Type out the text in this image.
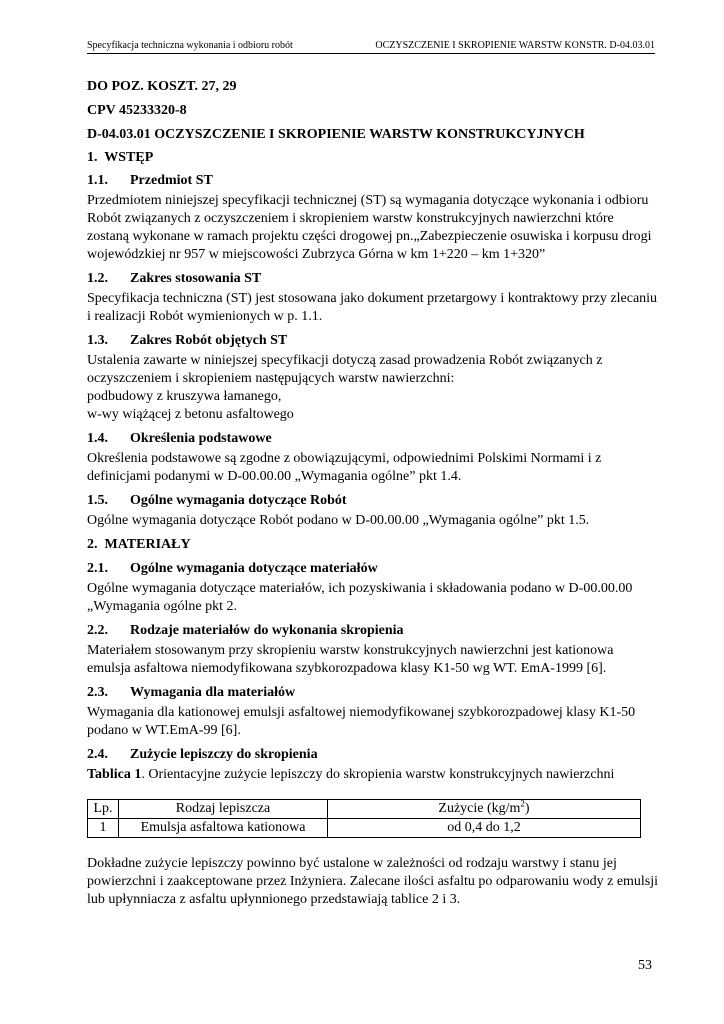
Specyfikacja techniczna wykonania i odbioru robót	OCZYSZCZENIE I SKROPIENIE WARSTW KONSTR. D-04.03.01
DO POZ. KOSZT. 27, 29
CPV 45233320-8
D-04.03.01 OCZYSZCZENIE I SKROPIENIE WARSTW KONSTRUKCYJNYCH
1. WSTĘP
1.1. Przedmiot ST

Przedmiotem niniejszej specyfikacji technicznej (ST) są wymagania dotyczące wykonania i odbioru Robót związanych z oczyszczeniem i skropieniem warstw konstrukcyjnych nawierzchni które zostaną wykonane w ramach projektu części drogowej pn.„Zabezpieczenie osuwiska i korpusu drogi wojewódzkiej nr 957 w miejscowości Zubrzyca Górna w km 1+220 – km 1+320”

1.2. Zakres stosowania ST

Specyfikacja techniczna (ST) jest stosowana jako dokument przetargowy i kontraktowy przy zlecaniu i realizacji Robót wymienionych w p. 1.1.

1.3. Zakres Robót objętych ST

Ustalenia zawarte w niniejszej specyfikacji dotyczą zasad prowadzenia Robót związanych z oczyszczeniem i skropieniem następujących warstw nawierzchni:

podbudowy z kruszywa łamanego,

w-wy wiążącej z betonu asfaltowego

1.4. Określenia podstawowe

Określenia podstawowe są zgodne z obowiązującymi, odpowiednimi Polskimi Normami i z definicjami podanymi w D-00.00.00 „Wymagania ogólne” pkt 1.4.

1.5. Ogólne wymagania dotyczące Robót

Ogólne wymagania dotyczące Robót podano w D-00.00.00 „Wymagania ogólne” pkt 1.5.

2. MATERIAŁY
2.1. Ogólne wymagania dotyczące materiałów

Ogólne wymagania dotyczące materiałów, ich pozyskiwania i składowania podano w D-00.00.00 „Wymagania ogólne pkt 2.

2.2. Rodzaje materiałów do wykonania skropienia

Materiałem stosowanym przy skropieniu warstw konstrukcyjnych nawierzchni jest kationowa emulsja asfaltowa niemodyfikowana szybkorozpadowa klasy K1-50 wg WT. EmA-1999 [6].

2.3. Wymagania dla materiałów

Wymagania dla kationowej emulsji asfaltowej niemodyfikowanej szybkorozpadowej klasy K1-50 podano w WT.EmA-99 [6].

2.4. Zużycie lepiszczy do skropienia

Tablica 1. Orientacyjne zużycie lepiszczy do skropienia warstw konstrukcyjnych nawierzchni

Lp.	Rodzaj lepiszcza	Zużycie $(kg/m^2)$
1	Emulsja asfaltowa kationowa	od 0,4 do 1,2

Dokładne zużycie lepiszczy powinno być ustalone w zależności od rodzaju warstwy i stanu jej powierzchni i zaakceptowane przez Inżyniera. Zalecane ilości asfaltu po odparowaniu wody z emulsji lub upłynniacza z asfaltu upłynnionego przedstawiają tablice 2 i 3.

53
